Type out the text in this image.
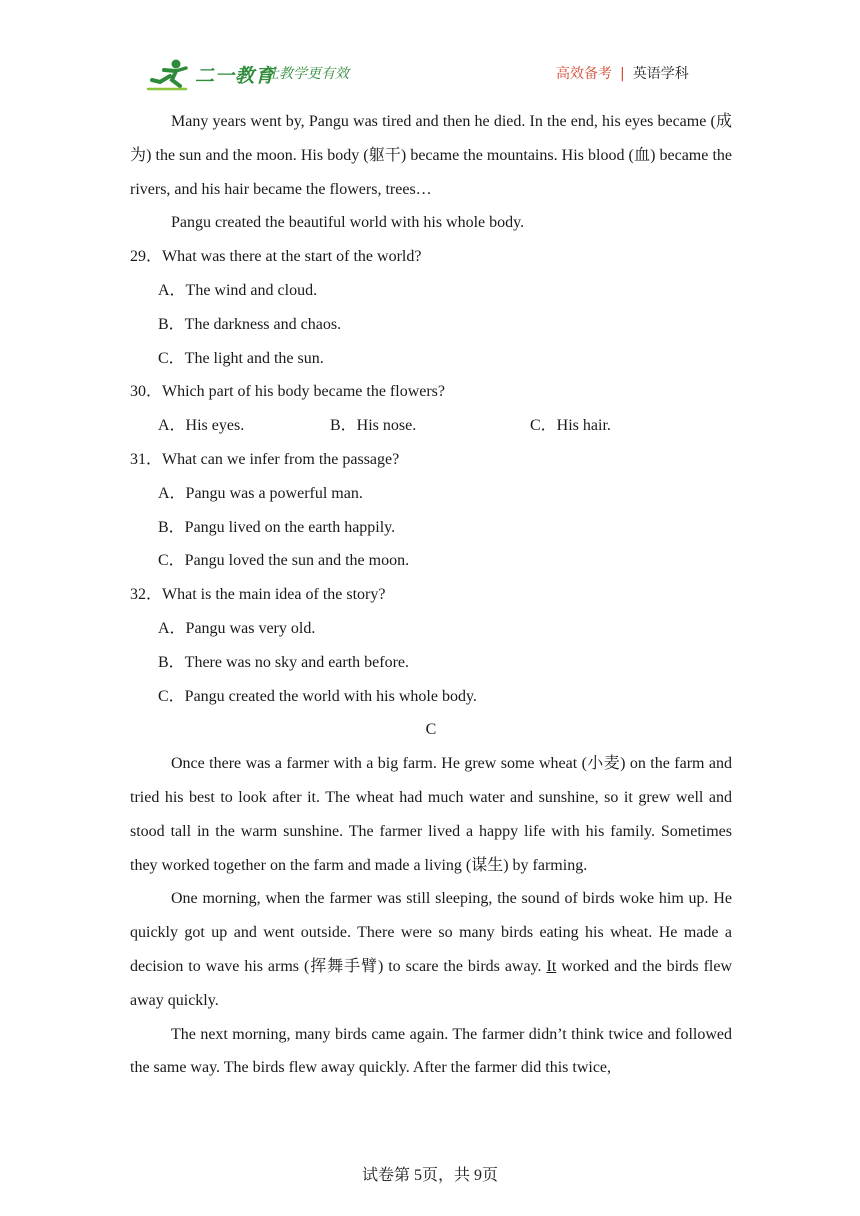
二一教育
让教学更有效	高效备考 | 英语学科

Many years went by, Pangu was tired and then he died. In the end, his eyes became (成为) the sun and the moon. His body (躯干) became the mountains. His blood (血) became the rivers, and his hair became the flowers, trees…

Pangu created the beautiful world with his whole body.

29．What was there at the start of the world?

A．The wind and cloud.

B．The darkness and chaos.

C．The light and the sun.

30．Which part of his body became the flowers?

A．His eyes.	B．His nose.	C．His hair.

31．What can we infer from the passage?

A．Pangu was a powerful man.

B．Pangu lived on the earth happily.

C．Pangu loved the sun and the moon.

32．What is the main idea of the story?

A．Pangu was very old.

B．There was no sky and earth before.

C．Pangu created the world with his whole body.

C

Once there was a farmer with a big farm. He grew some wheat (小麦) on the farm and tried his best to look after it. The wheat had much water and sunshine, so it grew well and stood tall in the warm sunshine. The farmer lived a happy life with his family. Sometimes they worked together on the farm and made a living (谋生) by farming.

One morning, when the farmer was still sleeping, the sound of birds woke him up. He quickly got up and went outside. There were so many birds eating his wheat. He made a decision to wave his arms (挥舞手臂) to scare the birds away. It worked and the birds flew away quickly.

The next morning, many birds came again. The farmer didn’t think twice and followed the same way. The birds flew away quickly. After the farmer did this twice,

试卷第 5页，共 9页
